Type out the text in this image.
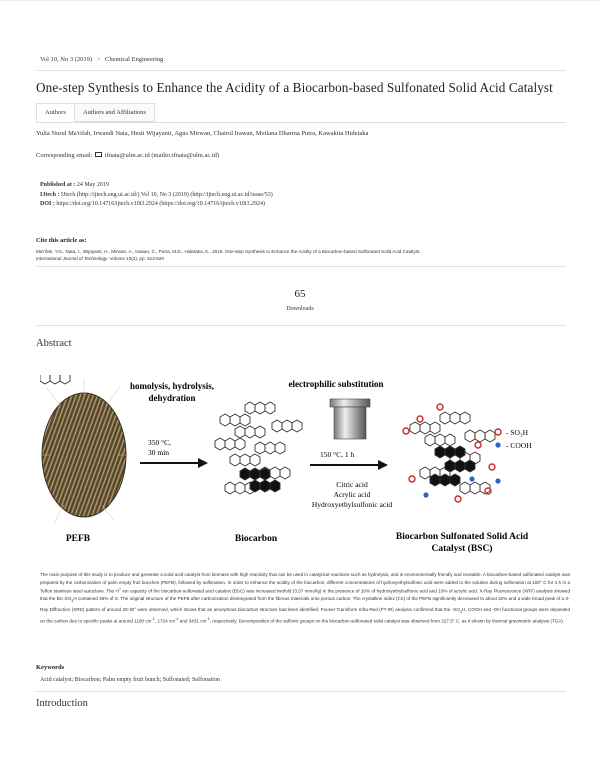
Vol 10, No 3 (2019) > Chemical Engineering
One-step Synthesis to Enhance the Acidity of a Biocarbon-based Sulfonated Solid Acid Catalyst
Authors	Authors and Affiliations
Yulia Nurul Ma'rifah, Irwandi Nata, Hesti Wijayanti, Agus Mirwan, Chairul Irawan, Meilana Dharma Putra, Kawakita Hidetaka
Corresponding email: ifnata@ulm.ac.id (mailto:ifnata@ulm.ac.id)
Published at : 24 May 2019
IJtech : IJtech (http://ijtech.eng.ui.ac.id/) Vol 10, No 3 (2019) (http://ijtech.eng.ui.ac.id/issue/53)
DOI : https://doi.org/10.14716/ijtech.v10i3.2924 (https://doi.org/10.14716/ijtech.v10i3.2924)
Cite this article as:
Ma'rifah, Y.N., Nata, I., Wijayanti, H., Mirwan, A., Irawan, C., Putra, M.D., Hidetaka, K., 2019. One-step Synthesis to Enhance the Acidity of a Biocarbon-based Sulfonated Solid Acid Catalyst.
International Journal of Technology. Volume 10(3), pp. 512-520
65
Downloads
Abstract
homolysis, hydrolysis,
dehydration
350 °C,
30 min
electrophilic substitution
150 °C, 1 h
Citric acid
Acrylic acid
Hydroxyethylsulfonic acid
- SO₃H
- COOH
PEFB	Biocarbon	Biocarbon Sulfonated Solid Acid
Catalyst (BSC)
The main purpose of this study is to produce and generate a solid acid catalyst from biomass with high reactivity that can be used in catalytical reactions such as hydrolysis, and is environmentally friendly and reusable. A biocarbon-based sulfonated catalyst was prepared by the carbonization of palm empty fruit bunches (PEFB), followed by sulfonation. In order to enhance the acidity of the biocarbon, different concentrations of hydroxyethylsulfonic acid were added to the solution during sulfonation at 180° C for 4 h in a Teflon stainless steel autoclave. The H+ ion capacity of the biocarbon-sulfonated acid catalyst (BSC) was increased twofold (3.57 mmol/g) in the presence of 10% of hydroxyethylsulfonic acid and 10% of acrylic acid. X-Ray Fluorescence (XRF) analysis showed that the $BC-SO_3H$ contained 38% of S. The original structure of the PEFB after carbonization disintegrated from the fibrous materials onto porous carbon. The crystalline index (CrI) of the PEFB significantly decreased to about 32% and a wide broad peak of a X-Ray Diffraction (XRD) pattern of around 20-30° were observed, which shows that an amorphous biocarbon structure had been identified. Fourier Transform Infra-Red (FT-IR) analysis confirmed that the $-SO_3H$, COOH and -OH functional groups were deposited on the carbon due to specific peaks at around 1180 $cm^{-1}$, 1724 $cm^{-1}$ and 3431 $cm^{-1}$, respectively. Decomposition of the sulfonic groups on the biocarbon-sulfonated solid catalyst was observed from 227.5° C, as it shown by thermal gravimetric analysis (TGA).
Keywords
Acid catalyst; Biocarbon; Palm empty fruit bunch; Sulfonated; Sulfonation
Introduction
